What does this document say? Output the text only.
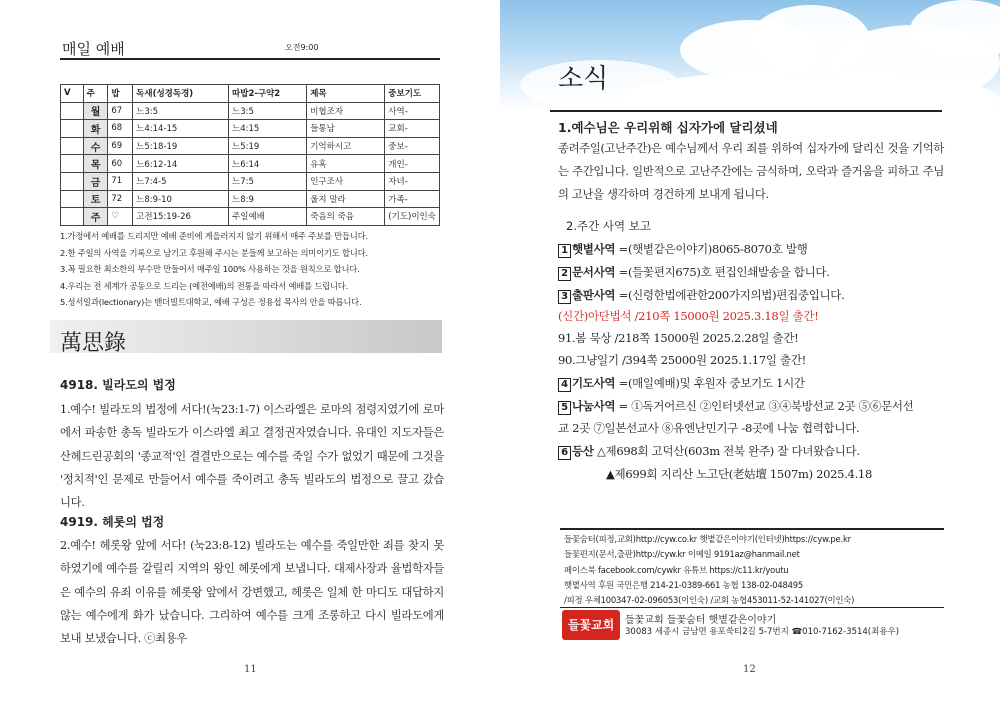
매일 예배	오전9:00
V	주	밥	독새(성경독경)	따밥2-구약2	제목	중보기도
	월	67	느3:5	느3:5	비협조자	사역-
	화	68	느4:14-15	느4:15	들통남	교회-
	수	69	느5:18-19	느5:19	기억하시고	중보-
	목	60	느6:12-14	느6:14	유혹	개인-
	금	71	느7:4-5	느7:5	인구조사	자녀-
	토	72	느8:9-10	느8:9	울지 말라	가족-
	주	♡	고전15:19-26	주일예배	죽음의 죽음	(기도)이인숙
1.가정에서 예배를 드리지만 예배 준비에 게을러지지 않기 위해서 매주 주보를 만듭니다.
2.한 주일의 사역을 기록으로 남기고 후원해 주시는 분들께 보고하는 의미이기도 합니다.
3.꼭 필요한 최소한의 부수만 만들어서 매주일 100% 사용하는 것을 원칙으로 합니다.
4.우리는 전 세계가 공동으로 드리는 (예전예배)의 전통을 따라서 예배를 드립니다.
5.성서일과(lectionary)는 밴더빌트대학교, 예배 구성은 정용섭 목사의 안을 따릅니다.
萬思錄
4918. 빌라도의 법정
1.예수! 빌라도의 법정에 서다!(눅23:1-7) 이스라엘은 로마의 점령지였기에 로마에서 파송한 총독 빌라도가 이스라엘 최고 결정권자였습니다. 유대인 지도자들은 산헤드린공회의 '종교적'인 결결만으로는 예수를 죽일 수가 없었기 때문에 그것을 '정치적'인 문제로 만들어서 예수를 죽이려고 총독 빌라도의 법정으로 끌고 갔습니다.
4919. 헤롯의 법정
2.예수! 헤롯왕 앞에 서다! (눅23:8-12) 빌라도는 예수를 죽일만한 죄를 찾지 못하였기에 예수를 갈릴리 지역의 왕인 헤롯에게 보냅니다. 대제사장과 율법학자들은 예수의 유죄 이유를 헤롯왕 앞에서 강변했고, 헤롯은 일체 한 마디도 대답하지 않는 예수에게 화가 났습니다. 그리하여 예수를 크게 조롱하고 다시 빌라도에게 보내 보냈습니다. ⓒ최용우
11
소식
1.예수님은 우리위해 십자가에 달리셨네
종려주일(고난주간)은 예수님께서 우리 죄를 위하여 십자가에 달리신 것을 기억하는 주간입니다. 일반적으로 고난주간에는 금식하며, 오락과 즐거움을 피하고 주님의 고난을 생각하며 경건하게 보내게 됩니다.
2.주간 사역 보고
1 햇볕사역 =(햇볕같은이야기)8065-8070호 발행
2 문서사역 =(들꽃편지675)호 편집인쇄발송을 합니다.
3 출판사역 =(신령한법에관한200가지의법)편집중입니다.
(신간)아단법석 /210쪽 15000원 2025.3.18일 출간!
91.봄 묵상 /218쪽 15000원 2025.2.28일 출간!
90.그냥일기 /394쪽 25000원 2025.1.17일 출간!
4 기도사역 =(매일예배)및 후원자 중보기도 1시간
5 나눔사역 = ①독거어르신 ②인터넷선교 ③④북방선교 2곳 ⑤⑥문서선
교 2곳 ⑦일본선교사 ⑧유엔난민기구 -8곳에 나눔 협력합니다.
6 등산 △제698회 고덕산(603m 전북 완주) 잘 다녀왔습니다.
▲제699회 지리산 노고단(老姑壇 1507m) 2025.4.18
들꽃숨터(피정,교회)http://cyw.co.kr 햇볕같은이야기(인터넷)https://cyw.pe.kr
들꽃편지(문서,출판)http://cyw.kr 이메일 9191az@hanmail.net
페이스북 facebook.com/cywkr 유튜브 https://c11.kr/youtu
햇볕사역 후원 국민은행 214-21-0389-661 농협 138-02-048495
/피정 우체100347-02-096053(이인숙) /교회 농협453011-52-141027(이인숙)
들꽃교회	들꽃교회 들꽃숨터 햇볕같은이야기
30083 세종시 금남면 용포쑥티2길 5-7번지 ☎010-7162-3514(최용우)
12
